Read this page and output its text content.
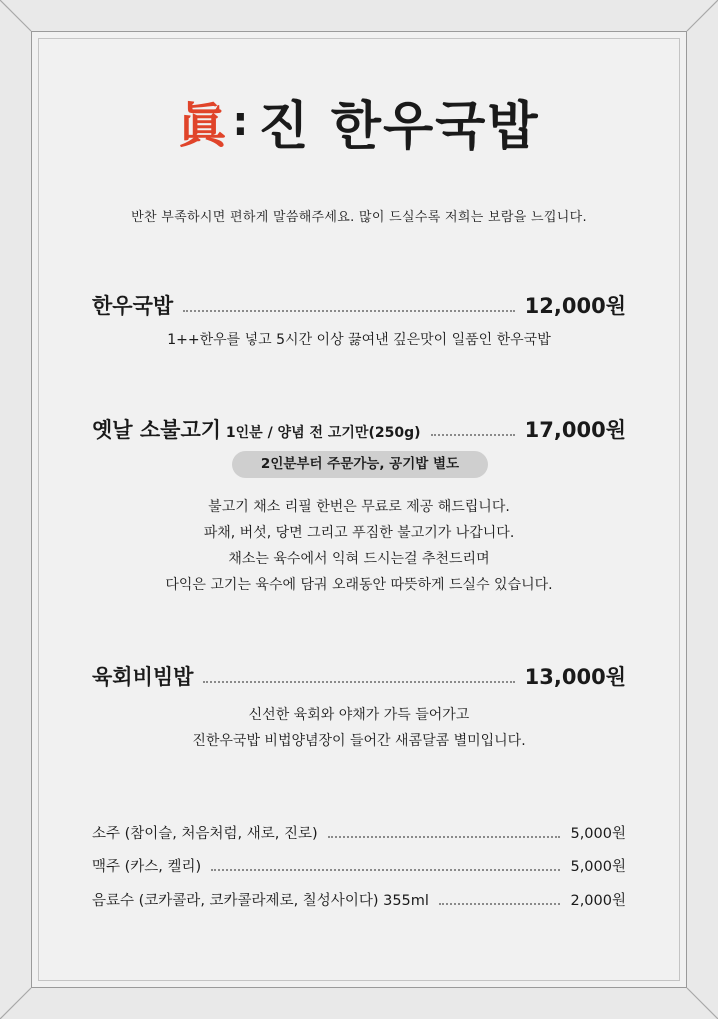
眞 : 진 한우국밥
반찬 부족하시면 편하게 말씀해주세요. 많이 드실수록 저희는 보람을 느낍니다.
한우국밥	12,000원
1++한우를 넣고 5시간 이상 끓여낸 깊은맛이 일품인 한우국밥
옛날 소불고기 1인분 / 양념 전 고기만(250g)	17,000원
2인분부터 주문가능, 공기밥 별도
불고기 채소 리필 한번은 무료로 제공 해드립니다.
파채, 버섯, 당면 그리고 푸짐한 불고기가 나갑니다.
채소는 육수에서 익혀 드시는걸 추천드리며
다익은 고기는 육수에 담궈 오래동안 따뜻하게 드실수 있습니다.
육회비빔밥	13,000원
신선한 육회와 야채가 가득 들어가고
진한우국밥 비법양념장이 들어간 새콤달콤 별미입니다.
소주 (참이슬, 처음처럼, 새로, 진로)	5,000원
맥주 (카스, 켈리)	5,000원
음료수 (코카콜라, 코카콜라제로, 칠성사이다) 355ml	2,000원
